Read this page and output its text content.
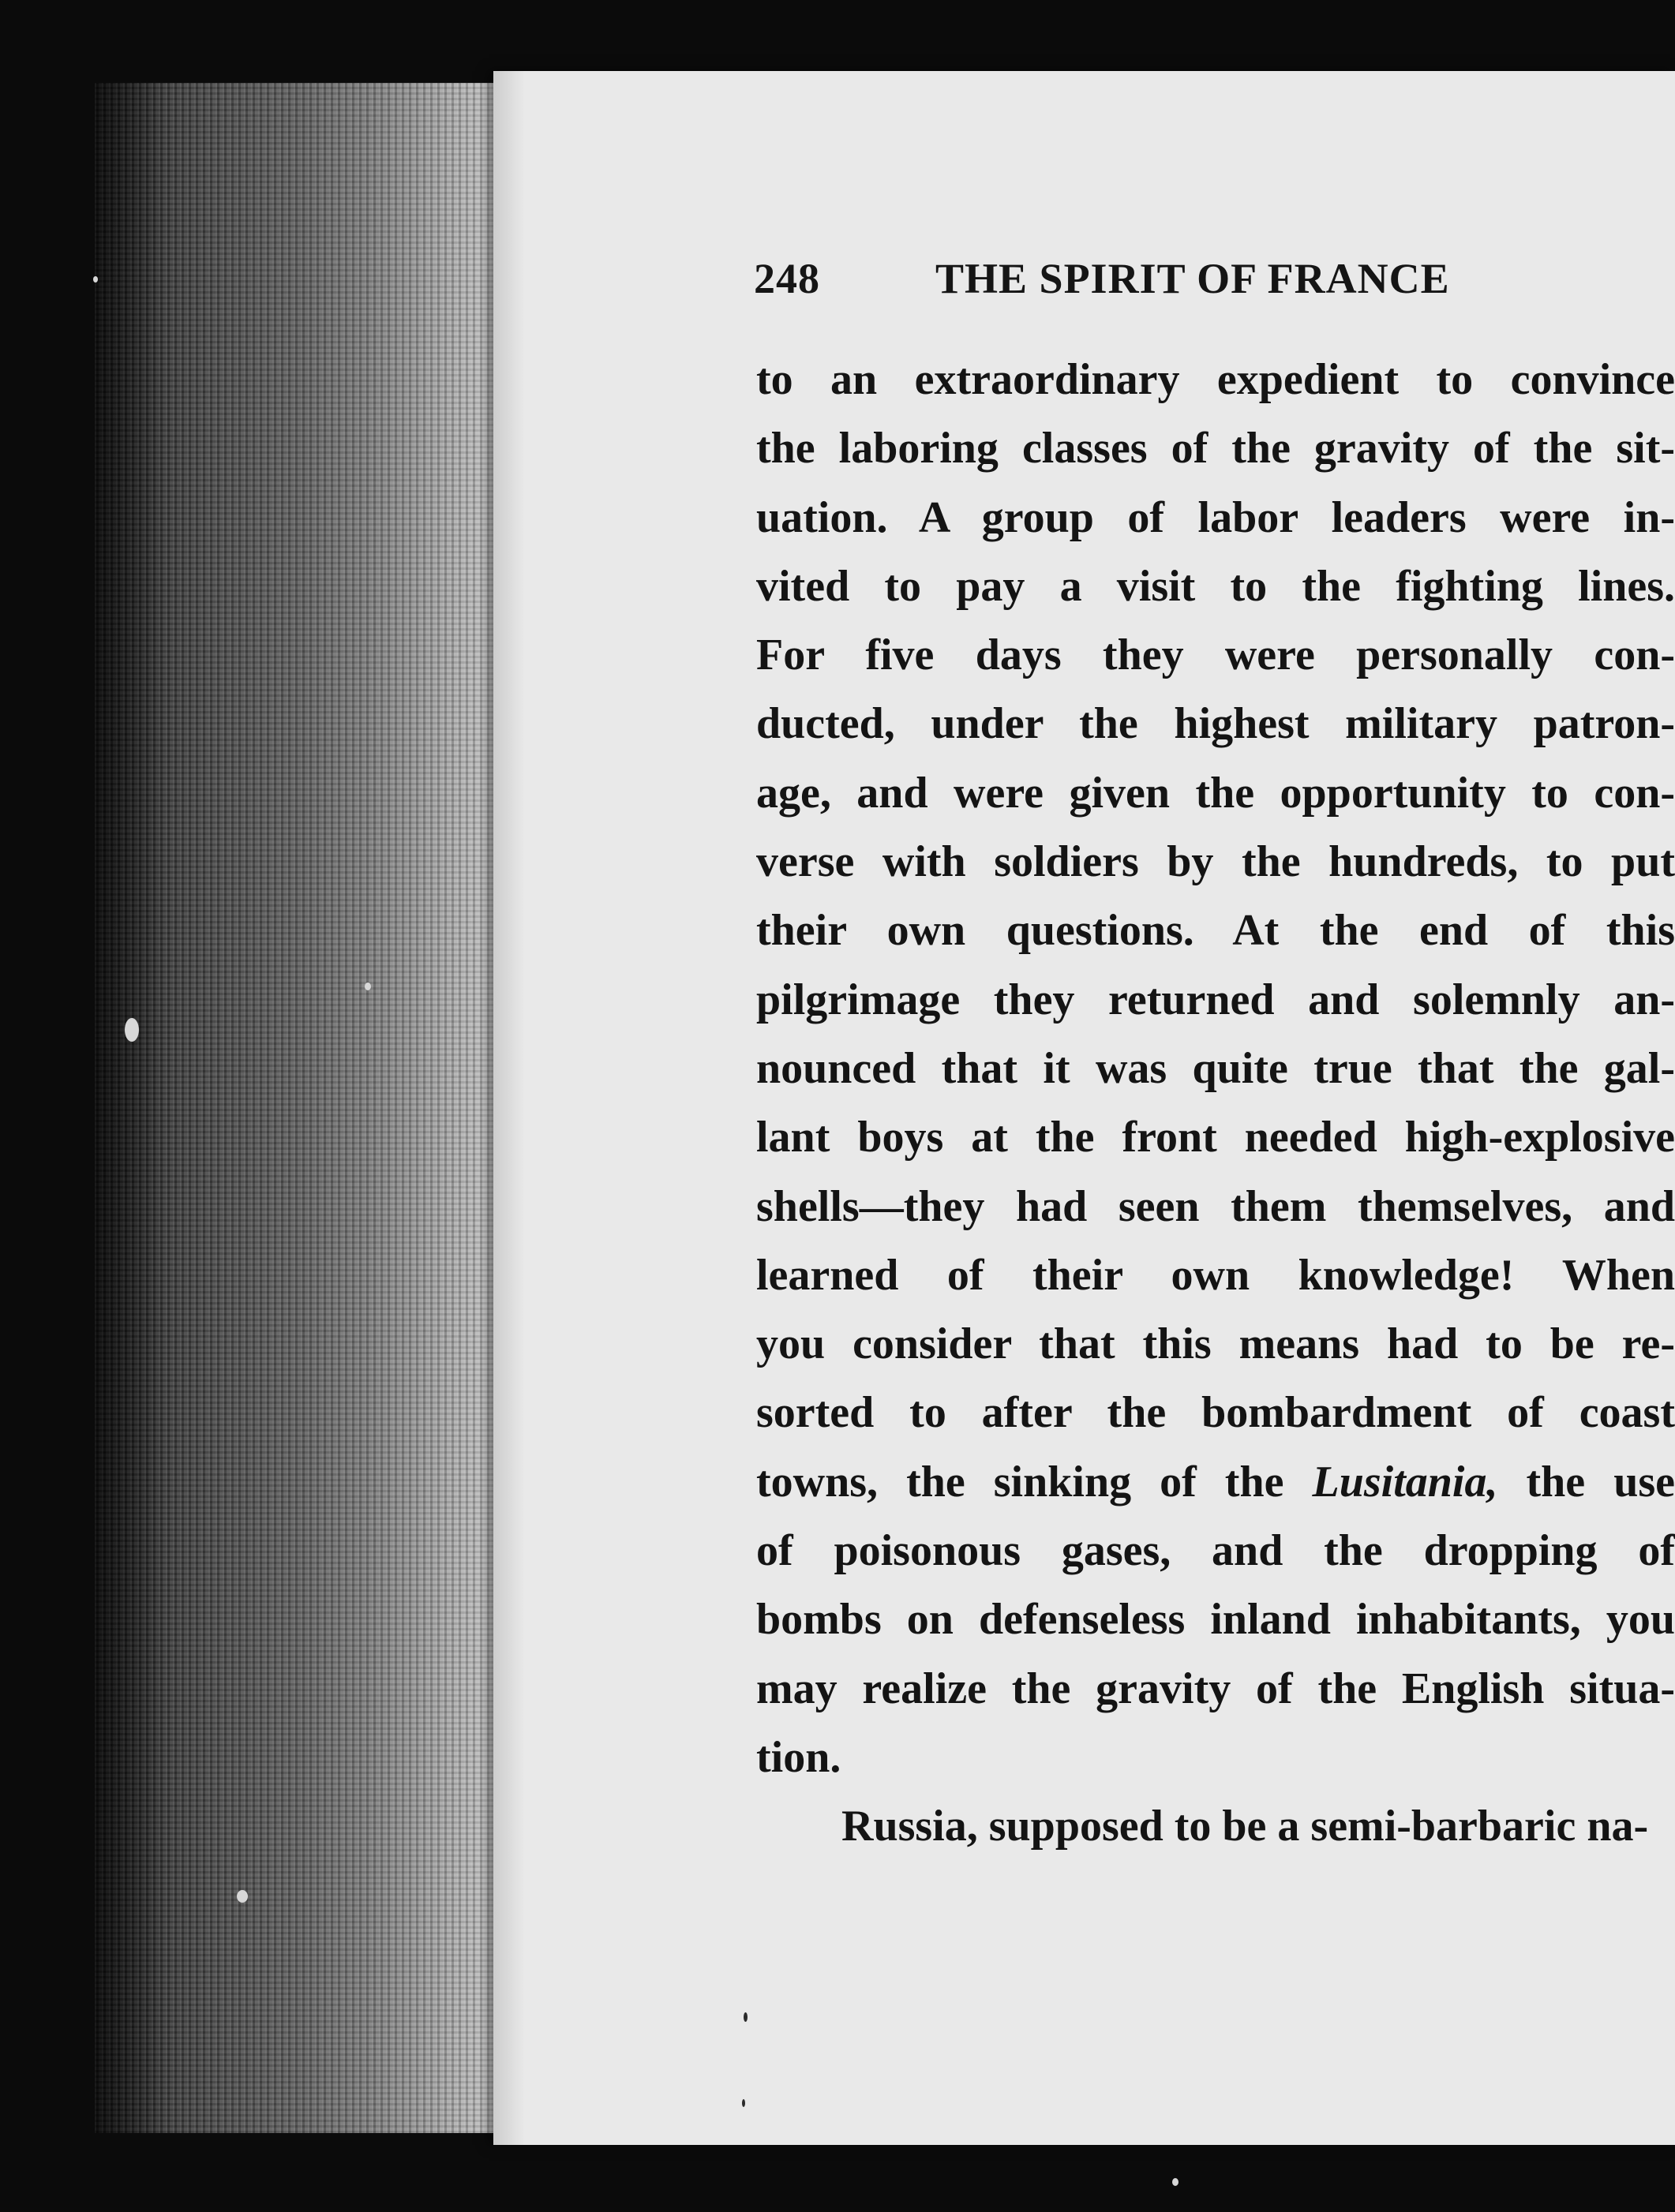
248	THE SPIRIT OF FRANCE
to an extraordinary expedient to convince
the laboring classes of the gravity of the sit-
uation. A group of labor leaders were in-
vited to pay a visit to the fighting lines.
For five days they were personally con-
ducted, under the highest military patron-
age, and were given the opportunity to con-
verse with soldiers by the hundreds, to put
their own questions. At the end of this
pilgrimage they returned and solemnly an-
nounced that it was quite true that the gal-
lant boys at the front needed high-explosive
shells—they had seen them themselves, and
learned of their own knowledge! When
you consider that this means had to be re-
sorted to after the bombardment of coast
towns, the sinking of the Lusitania, the use
of poisonous gases, and the dropping of
bombs on defenseless inland inhabitants, you
may realize the gravity of the English situa-
tion.
Russia, supposed to be a semi-barbaric na-
